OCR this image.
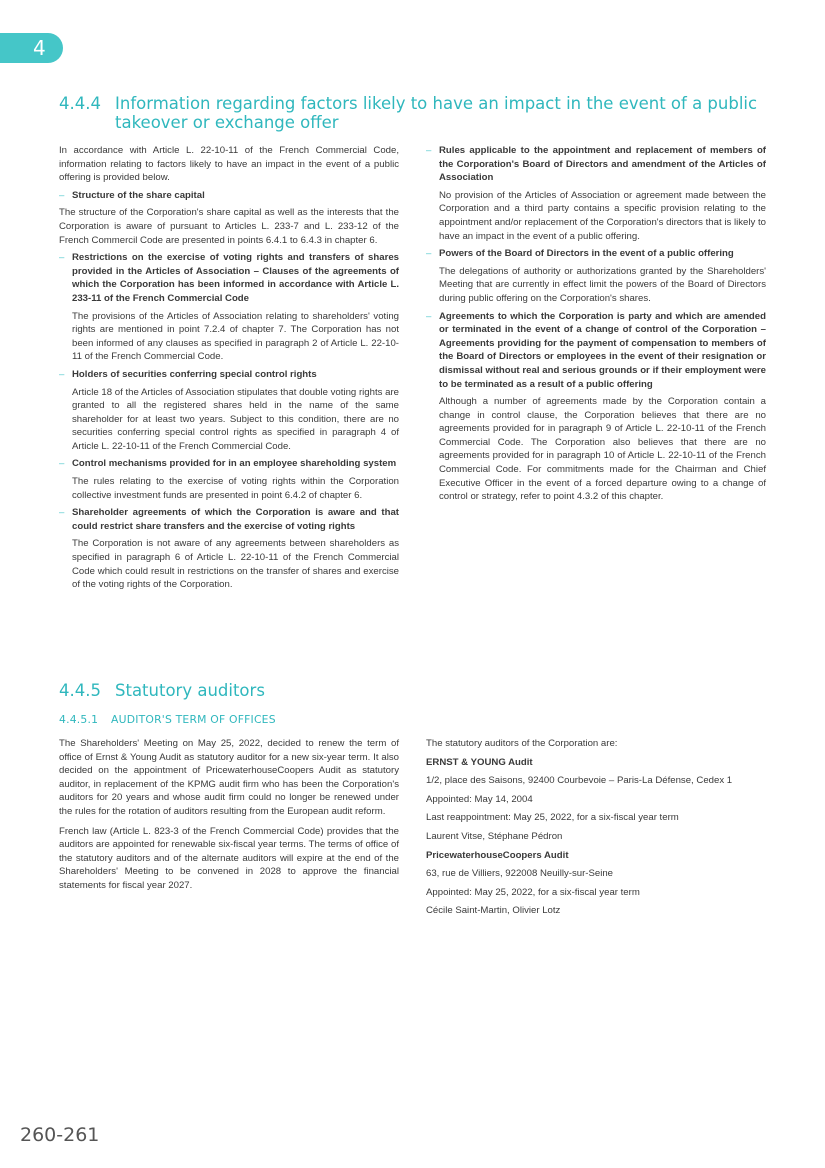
4
4.4.4 Information regarding factors likely to have an impact in the event of a public
takeover or exchange offer

In accordance with Article L. 22-10-11 of the French Commercial Code, information relating to factors likely to have an impact in the event of a public offering is provided below.

– Structure of the share capital

The structure of the Corporation's share capital as well as the interests that the Corporation is aware of pursuant to Articles L. 233-7 and L. 233-12 of the French Commercil Code are presented in points 6.4.1 to 6.4.3 in chapter 6.

– Restrictions on the exercise of voting rights and transfers of shares provided in the Articles of Association – Clauses of the agreements of which the Corporation has been informed in accordance with Article L. 233-11 of the French Commercial Code

The provisions of the Articles of Association relating to shareholders' voting rights are mentioned in point 7.2.4 of chapter 7. The Corporation has not been informed of any clauses as specified in paragraph 2 of Article L. 22-10-11 of the French Commercial Code.

– Holders of securities conferring special control rights

Article 18 of the Articles of Association stipulates that double voting rights are granted to all the registered shares held in the name of the same shareholder for at least two years. Subject to this condition, there are no securities conferring special control rights as specified in paragraph 4 of Article L. 22-10-11 of the French Commercial Code.

– Control mechanisms provided for in an employee shareholding system

The rules relating to the exercise of voting rights within the Corporation collective investment funds are presented in point 6.4.2 of chapter 6.

– Shareholder agreements of which the Corporation is aware and that could restrict share transfers and the exercise of voting rights

The Corporation is not aware of any agreements between shareholders as specified in paragraph 6 of Article L. 22-10-11 of the French Commercial Code which could result in restrictions on the transfer of shares and exercise of the voting rights of the Corporation.

– Rules applicable to the appointment and replacement of members of the Corporation's Board of Directors and amendment of the Articles of Association

No provision of the Articles of Association or agreement made between the Corporation and a third party contains a specific provision relating to the appointment and/or replacement of the Corporation's directors that is likely to have an impact in the event of a public offering.

– Powers of the Board of Directors in the event of a public offering

The delegations of authority or authorizations granted by the Shareholders' Meeting that are currently in effect limit the powers of the Board of Directors during public offering on the Corporation's shares.

– Agreements to which the Corporation is party and which are amended or terminated in the event of a change of control of the Corporation – Agreements providing for the payment of compensation to members of the Board of Directors or employees in the event of their resignation or dismissal without real and serious grounds or if their employment were to be terminated as a result of a public offering

Although a number of agreements made by the Corporation contain a change in control clause, the Corporation believes that there are no agreements provided for in paragraph 9 of Article L. 22-10-11 of the French Commercial Code. The Corporation also believes that there are no agreements provided for in paragraph 10 of Article L. 22-10-11 of the French Commercial Code. For commitments made for the Chairman and Chief Executive Officer in the event of a forced departure owing to a change of control or strategy, refer to point 4.3.2 of this chapter.

4.4.5 Statutory auditors
4.4.5.1 AUDITOR'S TERM OF OFFICES

The Shareholders' Meeting on May 25, 2022, decided to renew the term of office of Ernst & Young Audit as statutory auditor for a new six-year term. It also decided on the appointment of PricewaterhouseCoopers Audit as statutory auditor, in replacement of the KPMG audit firm who has been the Corporation's auditors for 20 years and whose audit firm could no longer be renewed under the rules for the rotation of auditors resulting from the European audit reform.

French law (Article L. 823-3 of the French Commercial Code) provides that the auditors are appointed for renewable six-fiscal year terms. The terms of office of the statutory auditors and of the alternate auditors will expire at the end of the Shareholders' Meeting to be convened in 2028 to approve the financial statements for fiscal year 2027.

The statutory auditors of the Corporation are:

ERNST & YOUNG Audit

1/2, place des Saisons, 92400 Courbevoie – Paris-La Défense, Cedex 1

Appointed: May 14, 2004

Last reappointment: May 25, 2022, for a six-fiscal year term

Laurent Vitse, Stéphane Pédron

PricewaterhouseCoopers Audit

63, rue de Villiers, 922008 Neuilly-sur-Seine

Appointed: May 25, 2022, for a six-fiscal year term

Cécile Saint-Martin, Olivier Lotz

260-261
